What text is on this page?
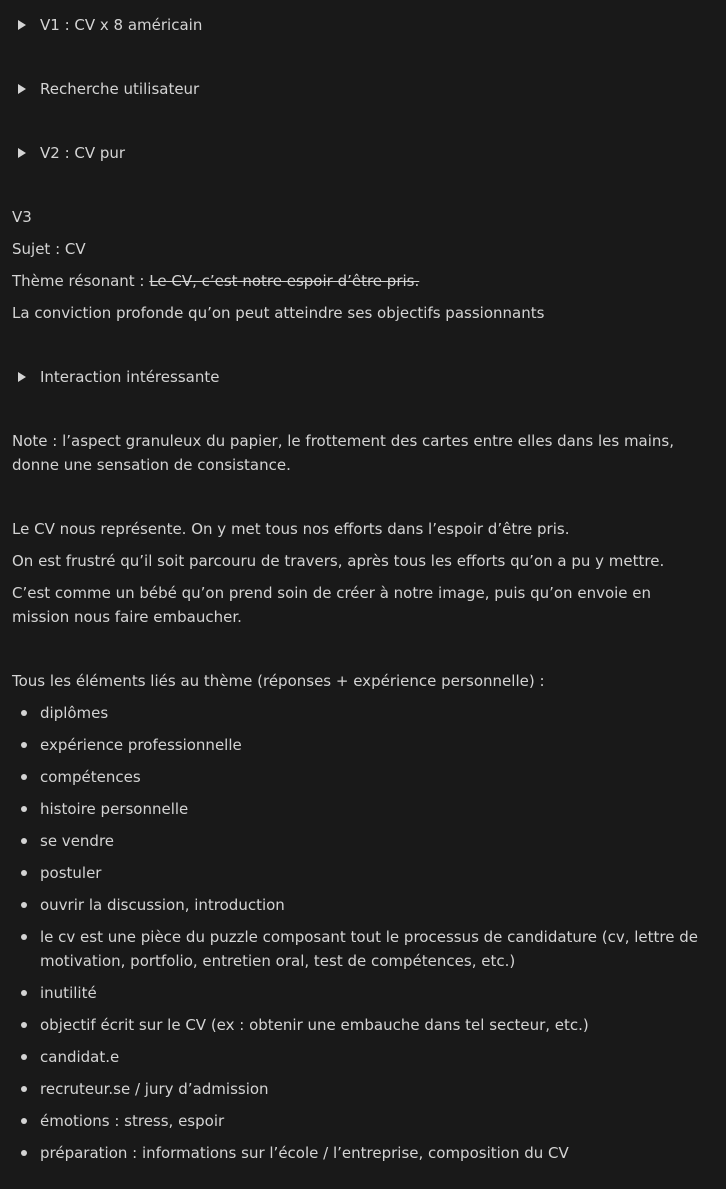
V1 : CV x 8 américain
Recherche utilisateur
V2 : CV pur
V3
Sujet : CV
Thème résonant : Le CV, c’est notre espoir d’être pris.
La conviction profonde qu’on peut atteindre ses objectifs passionnants
Interaction intéressante
Note : l’aspect granuleux du papier, le frottement des cartes entre elles dans les mains, donne une sensation de consistance.
Le CV nous représente. On y met tous nos efforts dans l’espoir d’être pris.
On est frustré qu’il soit parcouru de travers, après tous les efforts qu’on a pu y mettre.
C’est comme un bébé qu’on prend soin de créer à notre image, puis qu’on envoie en mission nous faire embaucher.
Tous les éléments liés au thème (réponses + expérience personnelle) :
diplômes
expérience professionnelle
compétences
histoire personnelle
se vendre
postuler
ouvrir la discussion, introduction
le cv est une pièce du puzzle composant tout le processus de candidature (cv, lettre de motivation, portfolio, entretien oral, test de compétences, etc.)
inutilité
objectif écrit sur le CV (ex : obtenir une embauche dans tel secteur, etc.)
candidat.e
recruteur.se / jury d’admission
émotions : stress, espoir
préparation : informations sur l’école / l’entreprise, composition du CV
